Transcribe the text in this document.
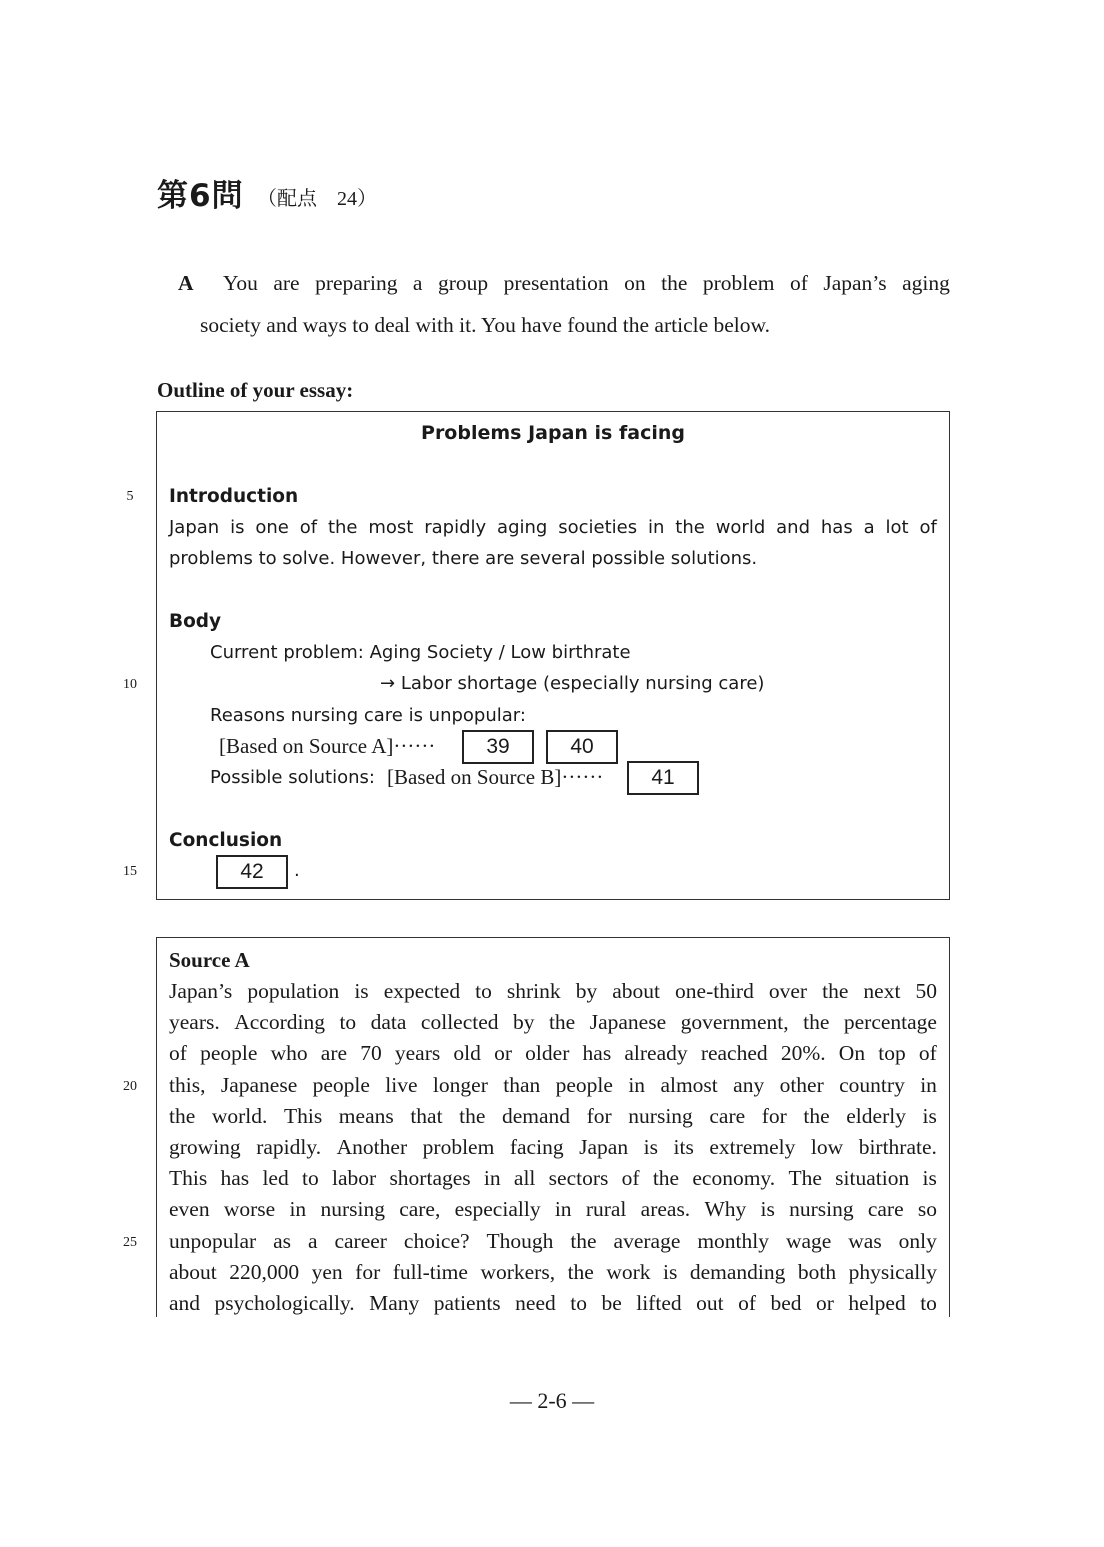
第6問 （配点　24）
A You are preparing a group presentation on the problem of Japan’s aging
society and ways to deal with it. You have found the article below.
Outline of your essay:
Problems Japan is facing
Introduction
Japan is one of the most rapidly aging societies in the world and has a lot of
problems to solve. However, there are several possible solutions.
Body
Current problem: Aging Society / Low birthrate
→ Labor shortage (especially nursing care)
Reasons nursing care is unpopular:
[Based on Source A]······	39	40
Possible solutions: [Based on Source B]······	41
Conclusion
42	.
5
10
15
20
25
Source A
Japan’s population is expected to shrink by about one-third over the next 50
years. According to data collected by the Japanese government, the percentage
of people who are 70 years old or older has already reached 20%. On top of
this, Japanese people live longer than people in almost any other country in
the world. This means that the demand for nursing care for the elderly is
growing rapidly. Another problem facing Japan is its extremely low birthrate.
This has led to labor shortages in all sectors of the economy. The situation is
even worse in nursing care, especially in rural areas. Why is nursing care so
unpopular as a career choice? Though the average monthly wage was only
about 220,000 yen for full-time workers, the work is demanding both physically
and psychologically. Many patients need to be lifted out of bed or helped to
— 2-6 —
